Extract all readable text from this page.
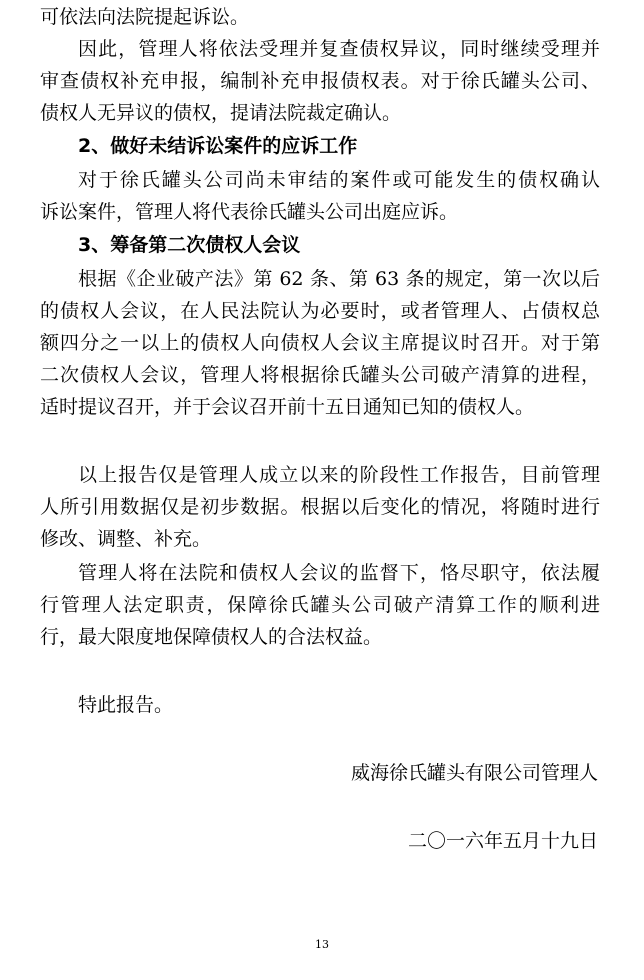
可依法向法院提起诉讼。
因此，管理人将依法受理并复查债权异议，同时继续受理并
审查债权补充申报，编制补充申报债权表。对于徐氏罐头公司、
债权人无异议的债权，提请法院裁定确认。
2、做好未结诉讼案件的应诉工作
对于徐氏罐头公司尚未审结的案件或可能发生的债权确认
诉讼案件，管理人将代表徐氏罐头公司出庭应诉。
3、筹备第二次债权人会议
根据《企业破产法》第 62 条、第 63 条的规定，第一次以后
的债权人会议，在人民法院认为必要时，或者管理人、占债权总
额四分之一以上的债权人向债权人会议主席提议时召开。对于第
二次债权人会议，管理人将根据徐氏罐头公司破产清算的进程，
适时提议召开，并于会议召开前十五日通知已知的债权人。
以上报告仅是管理人成立以来的阶段性工作报告，目前管理
人所引用数据仅是初步数据。根据以后变化的情况，将随时进行
修改、调整、补充。
管理人将在法院和债权人会议的监督下，恪尽职守，依法履
行管理人法定职责，保障徐氏罐头公司破产清算工作的顺利进
行，最大限度地保障债权人的合法权益。
特此报告。
威海徐氏罐头有限公司管理人
二〇一六年五月十九日
13
